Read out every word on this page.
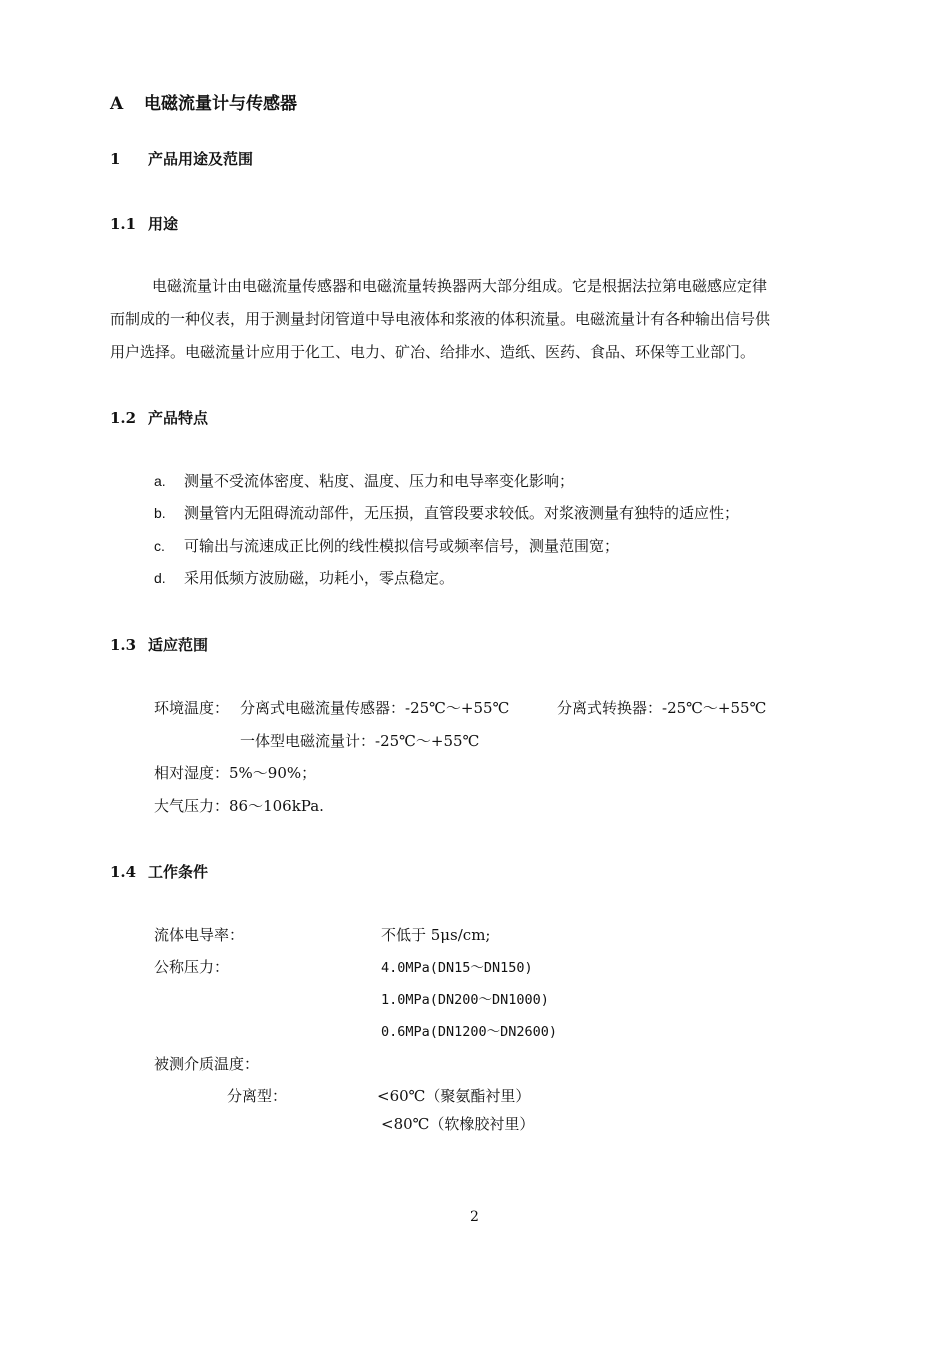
A 电磁流量计与传感器
1 产品用途及范围
1.1 用途
电磁流量计由电磁流量传感器和电磁流量转换器两大部分组成。它是根据法拉第电磁感应定律
而制成的一种仪表，用于测量封闭管道中导电液体和浆液的体积流量。电磁流量计有各种输出信号供
用户选择。电磁流量计应用于化工、电力、矿冶、给排水、造纸、医药、食品、环保等工业部门。
1.2 产品特点
a. 测量不受流体密度、粘度、温度、压力和电导率变化影响；
b. 测量管内无阻碍流动部件，无压损，直管段要求较低。对浆液测量有独特的适应性；
c. 可输出与流速成正比例的线性模拟信号或频率信号，测量范围宽；
d. 采用低频方波励磁，功耗小，零点稳定。
1.3 适应范围
环境温度： 分离式电磁流量传感器：-25℃～+55℃	分离式转换器：-25℃～+55℃
一体型电磁流量计：-25℃～+55℃
相对湿度：5%～90%；
大气压力：86～106kPa.
1.4 工作条件
流体电导率：	不低于 5μs/cm;
公称压力：	4.0MPa(DN15～DN150)
1.0MPa(DN200～DN1000)
0.6MPa(DN1200～DN2600)
被测介质温度：
分离型：	<60℃（聚氨酯衬里）
<80℃（软橡胶衬里）
2
